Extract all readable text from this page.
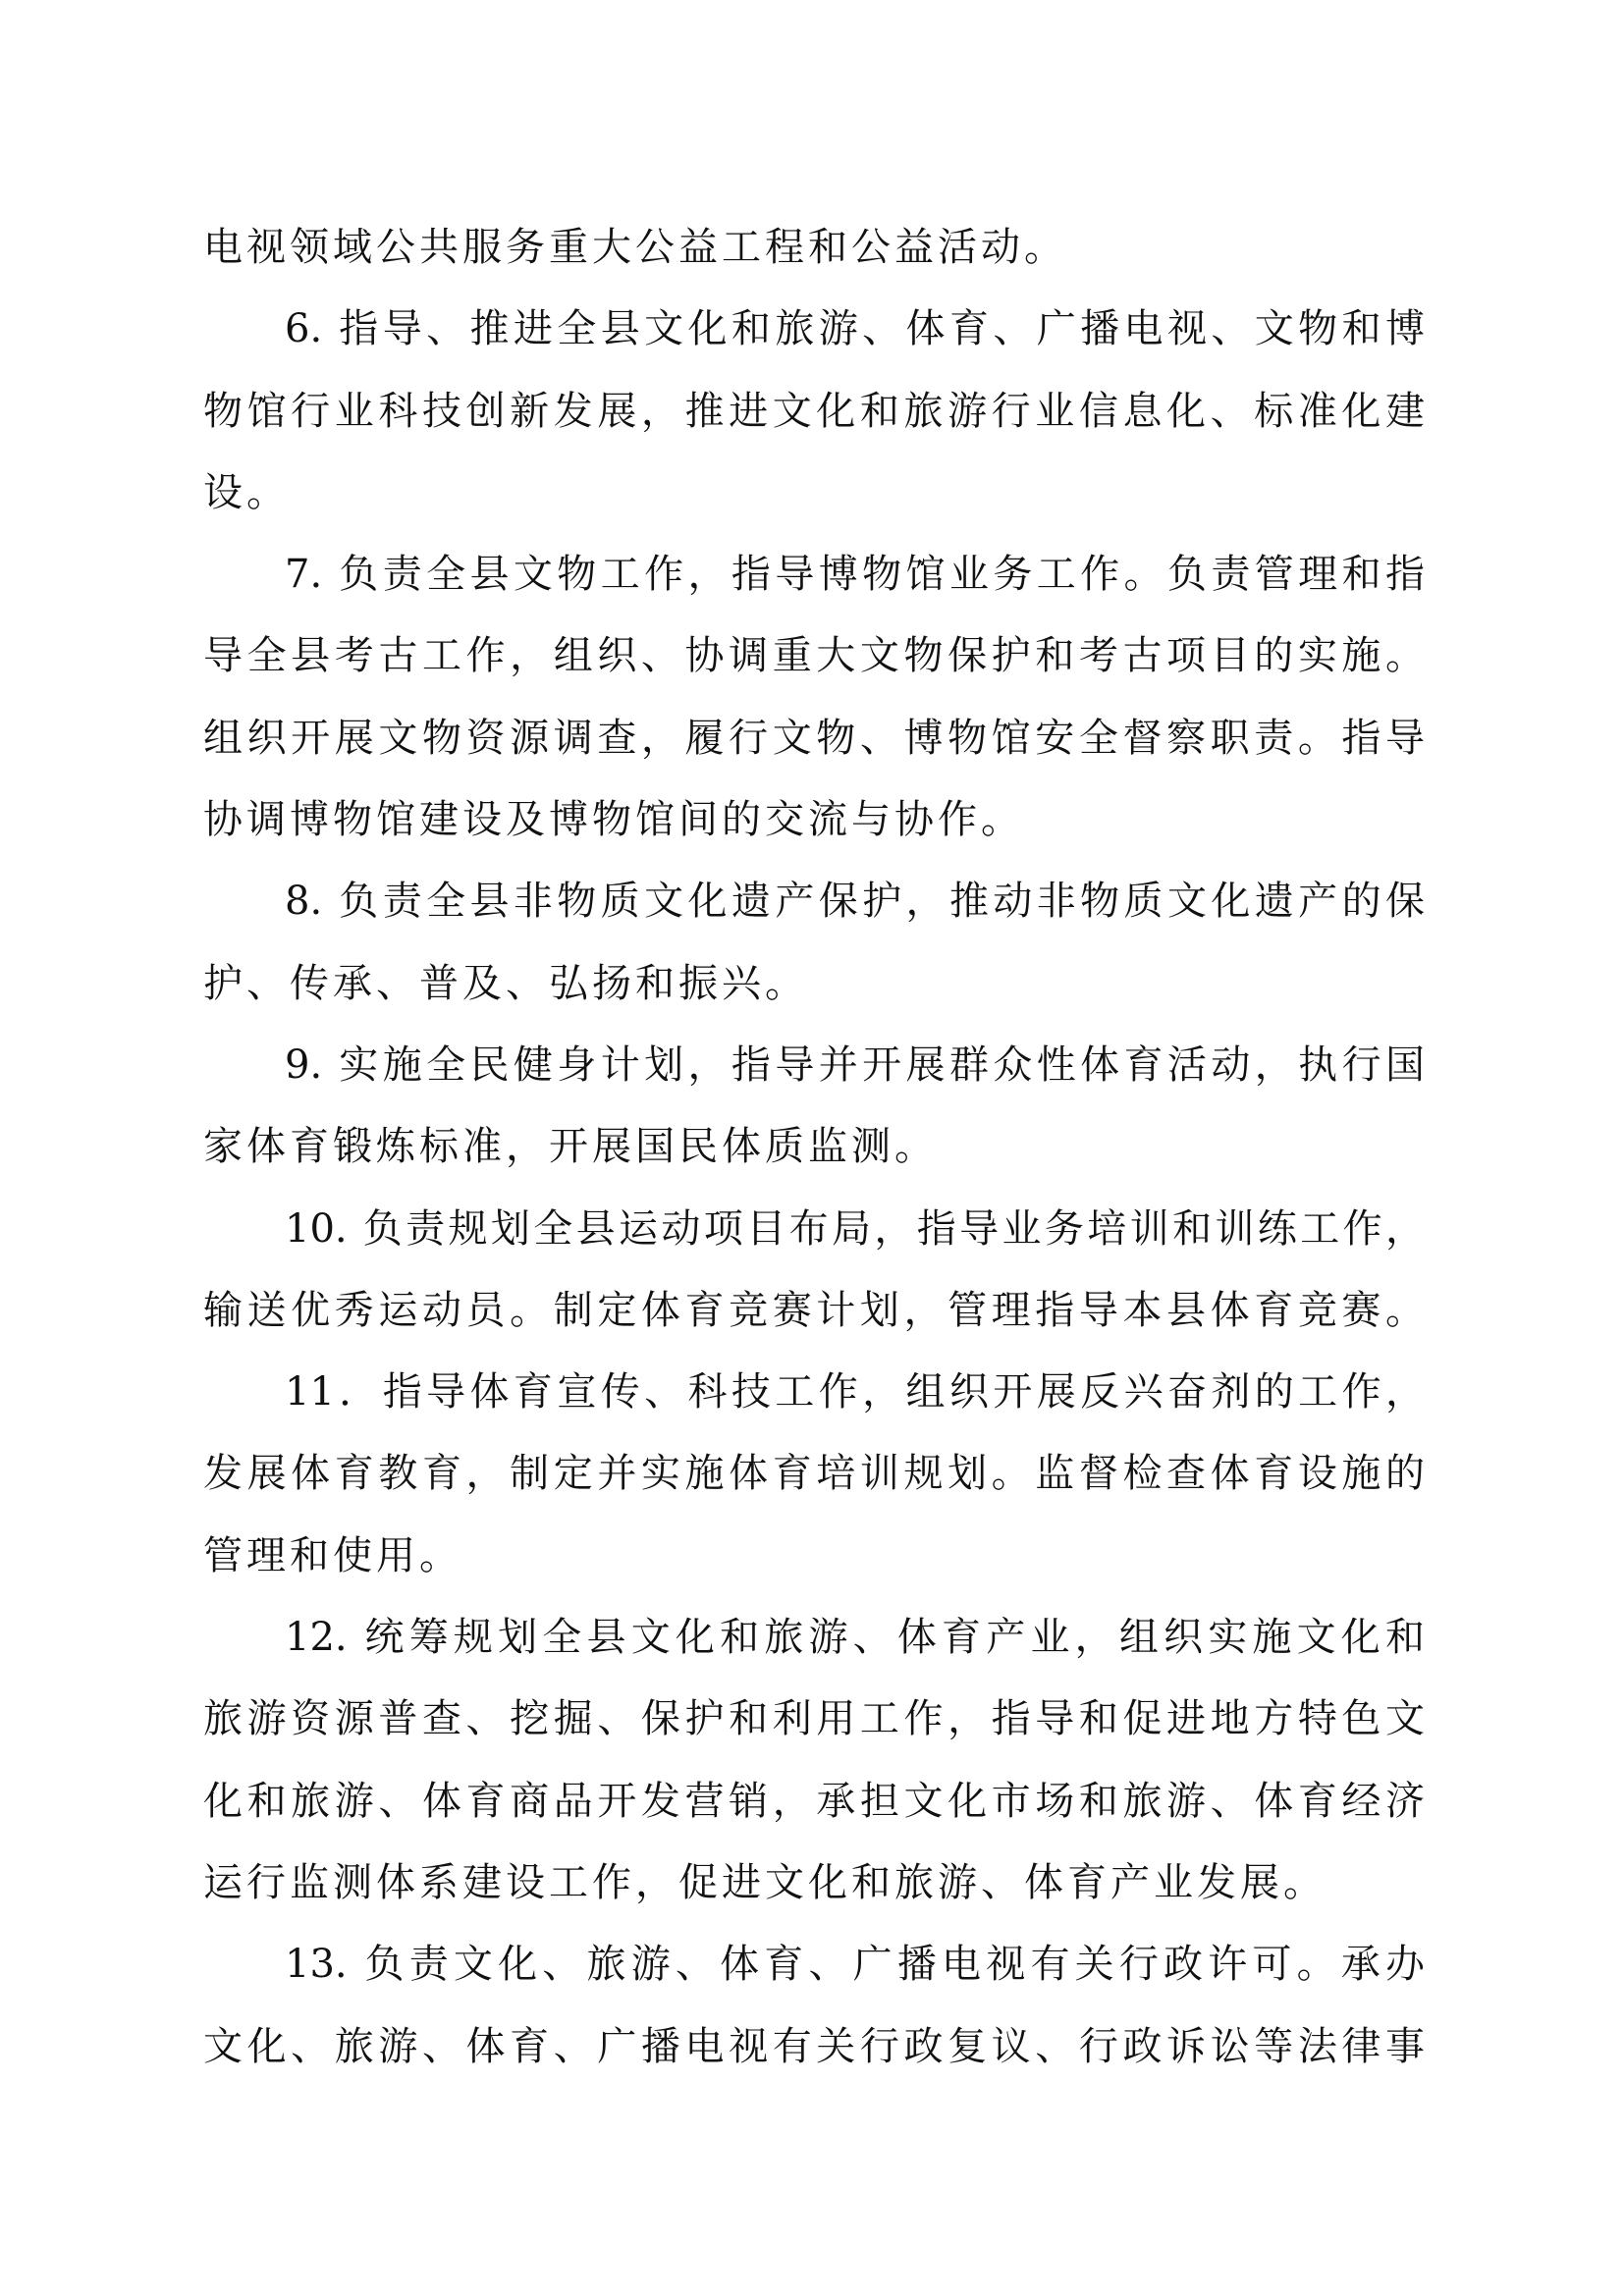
电视领域公共服务重大公益工程和公益活动。
6. 指导、推进全县文化和旅游、体育、广播电视、文物和博
物馆行业科技创新发展，推进文化和旅游行业信息化、标准化建
设。
7. 负责全县文物工作，指导博物馆业务工作。负责管理和指
导全县考古工作，组织、协调重大文物保护和考古项目的实施。
组织开展文物资源调查，履行文物、博物馆安全督察职责。指导
协调博物馆建设及博物馆间的交流与协作。
8. 负责全县非物质文化遗产保护，推动非物质文化遗产的保
护、传承、普及、弘扬和振兴。
9. 实施全民健身计划，指导并开展群众性体育活动，执行国
家体育锻炼标准，开展国民体质监测。
10. 负责规划全县运动项目布局，指导业务培训和训练工作，
输送优秀运动员。制定体育竞赛计划，管理指导本县体育竞赛。
11．指导体育宣传、科技工作，组织开展反兴奋剂的工作，
发展体育教育，制定并实施体育培训规划。监督检查体育设施的
管理和使用。
12. 统筹规划全县文化和旅游、体育产业，组织实施文化和
旅游资源普查、挖掘、保护和利用工作，指导和促进地方特色文
化和旅游、体育商品开发营销，承担文化市场和旅游、体育经济
运行监测体系建设工作，促进文化和旅游、体育产业发展。
13. 负责文化、旅游、体育、广播电视有关行政许可。承办
文化、旅游、体育、广播电视有关行政复议、行政诉讼等法律事
